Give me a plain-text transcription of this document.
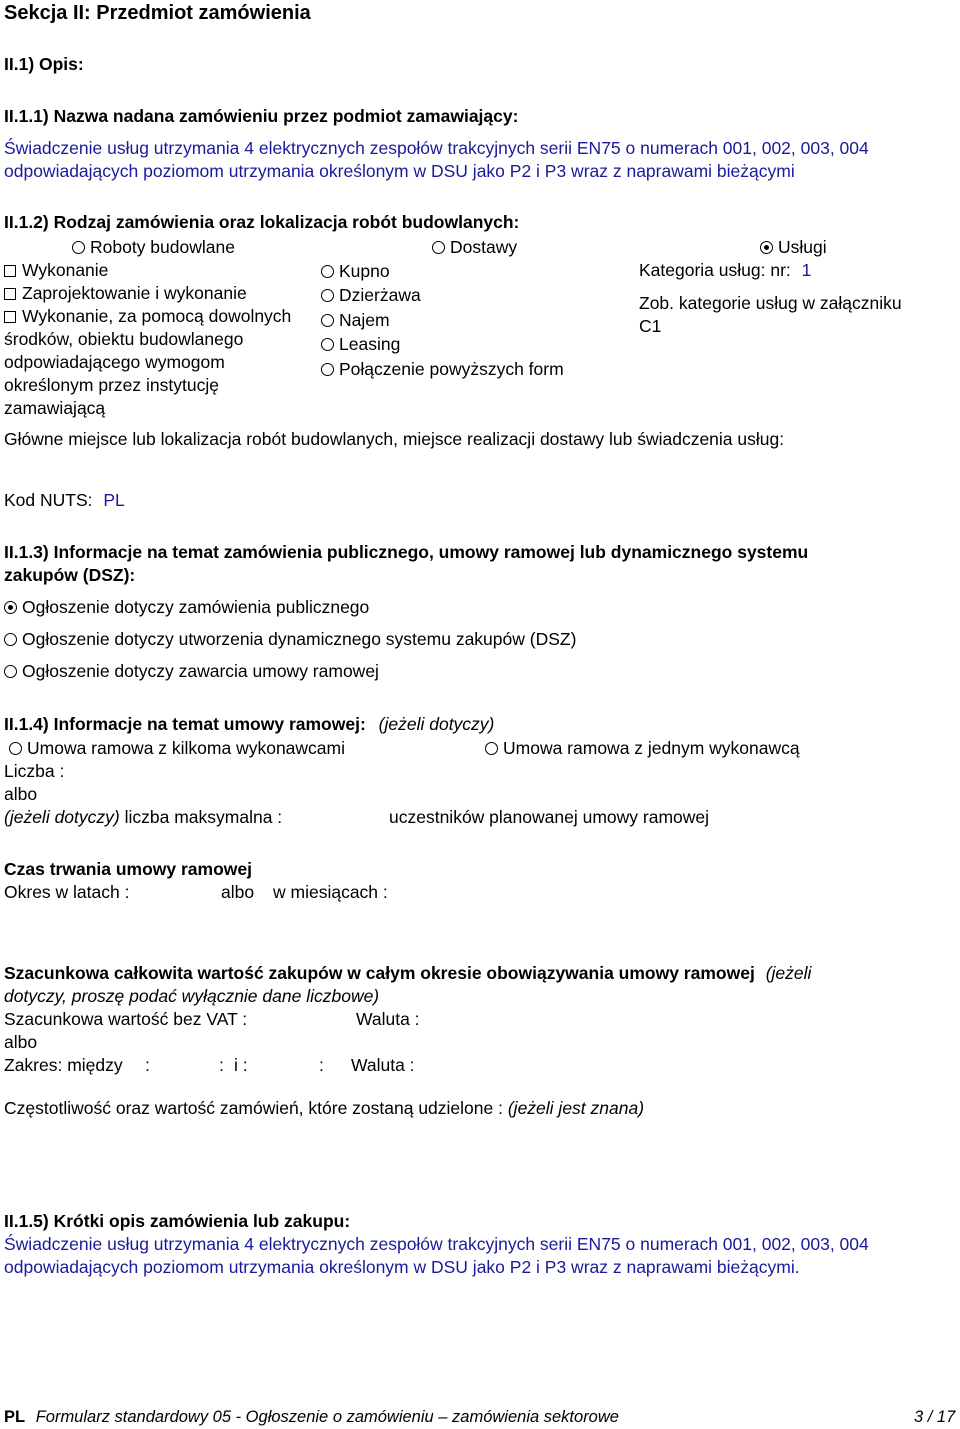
Sekcja II: Przedmiot zamówienia
II.1) Opis:
II.1.1) Nazwa nadana zamówieniu przez podmiot zamawiający:
Świadczenie usług utrzymania 4 elektrycznych zespołów trakcyjnych serii EN75 o numerach 001, 002, 003, 004
odpowiadających poziomom utrzymania określonym w DSU jako P2 i P3 wraz z naprawami bieżącymi
II.1.2) Rodzaj zamówienia oraz lokalizacja robót budowlanych:
Roboty budowlane	Dostawy	Usługi
Wykonanie
Zaprojektowanie i wykonanie
Wykonanie, za pomocą dowolnych
środków, obiektu budowlanego
odpowiadającego wymogom
określonym przez instytucję
zamawiającą
Kupno
Dzierżawa
Najem
Leasing
Połączenie powyższych form
Kategoria usług: nr: 1
Zob. kategorie usług w załączniku
C1
Główne miejsce lub lokalizacja robót budowlanych, miejsce realizacji dostawy lub świadczenia usług:
Kod NUTS: PL
II.1.3) Informacje na temat zamówienia publicznego, umowy ramowej lub dynamicznego systemu
zakupów (DSZ):
Ogłoszenie dotyczy zamówienia publicznego
Ogłoszenie dotyczy utworzenia dynamicznego systemu zakupów (DSZ)
Ogłoszenie dotyczy zawarcia umowy ramowej
II.1.4) Informacje na temat umowy ramowej: (jeżeli dotyczy)
Umowa ramowa z kilkoma wykonawcami	Umowa ramowa z jednym wykonawcą
Liczba :
albo
(jeżeli dotyczy) liczba maksymalna :	uczestników planowanej umowy ramowej
Czas trwania umowy ramowej
Okres w latach :	albo w miesiącach :
Szacunkowa całkowita wartość zakupów w całym okresie obowiązywania umowy ramowej (jeżeli
dotyczy, proszę podać wyłącznie dane liczbowe)
Szacunkowa wartość bez VAT :	Waluta :
albo
Zakres: między :	: i :	: Waluta :
Częstotliwość oraz wartość zamówień, które zostaną udzielone : (jeżeli jest znana)
II.1.5) Krótki opis zamówienia lub zakupu:
Świadczenie usług utrzymania 4 elektrycznych zespołów trakcyjnych serii EN75 o numerach 001, 002, 003, 004
odpowiadających poziomom utrzymania określonym w DSU jako P2 i P3 wraz z naprawami bieżącymi.
PL Formularz standardowy 05 - Ogłoszenie o zamówieniu – zamówienia sektorowe	3 / 17
